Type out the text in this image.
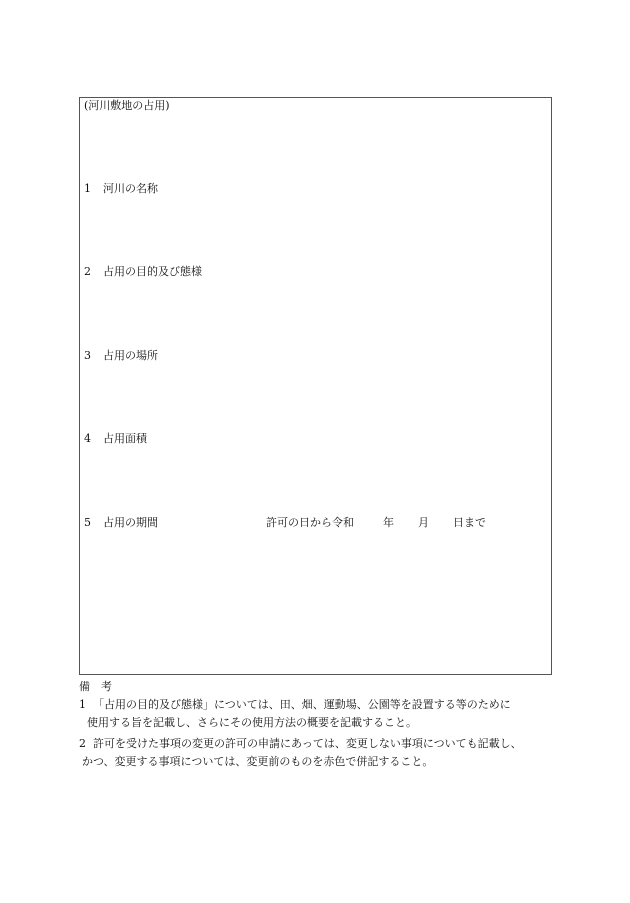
(河川敷地の占用)
1 河川の名称
2 占用の目的及び態様
3 占用の場所
4 占用面積
5 占用の期間	許可の日から令和	年 月 日まで
備　考
1 「占用の目的及び態様」については、田、畑、運動場、公園等を設置する等のために
使用する旨を記載し、さらにその使用方法の概要を記載すること。
2 許可を受けた事項の変更の許可の申請にあっては、変更しない事項についても記載し、
かつ、変更する事項については、変更前のものを赤色で併記すること。
